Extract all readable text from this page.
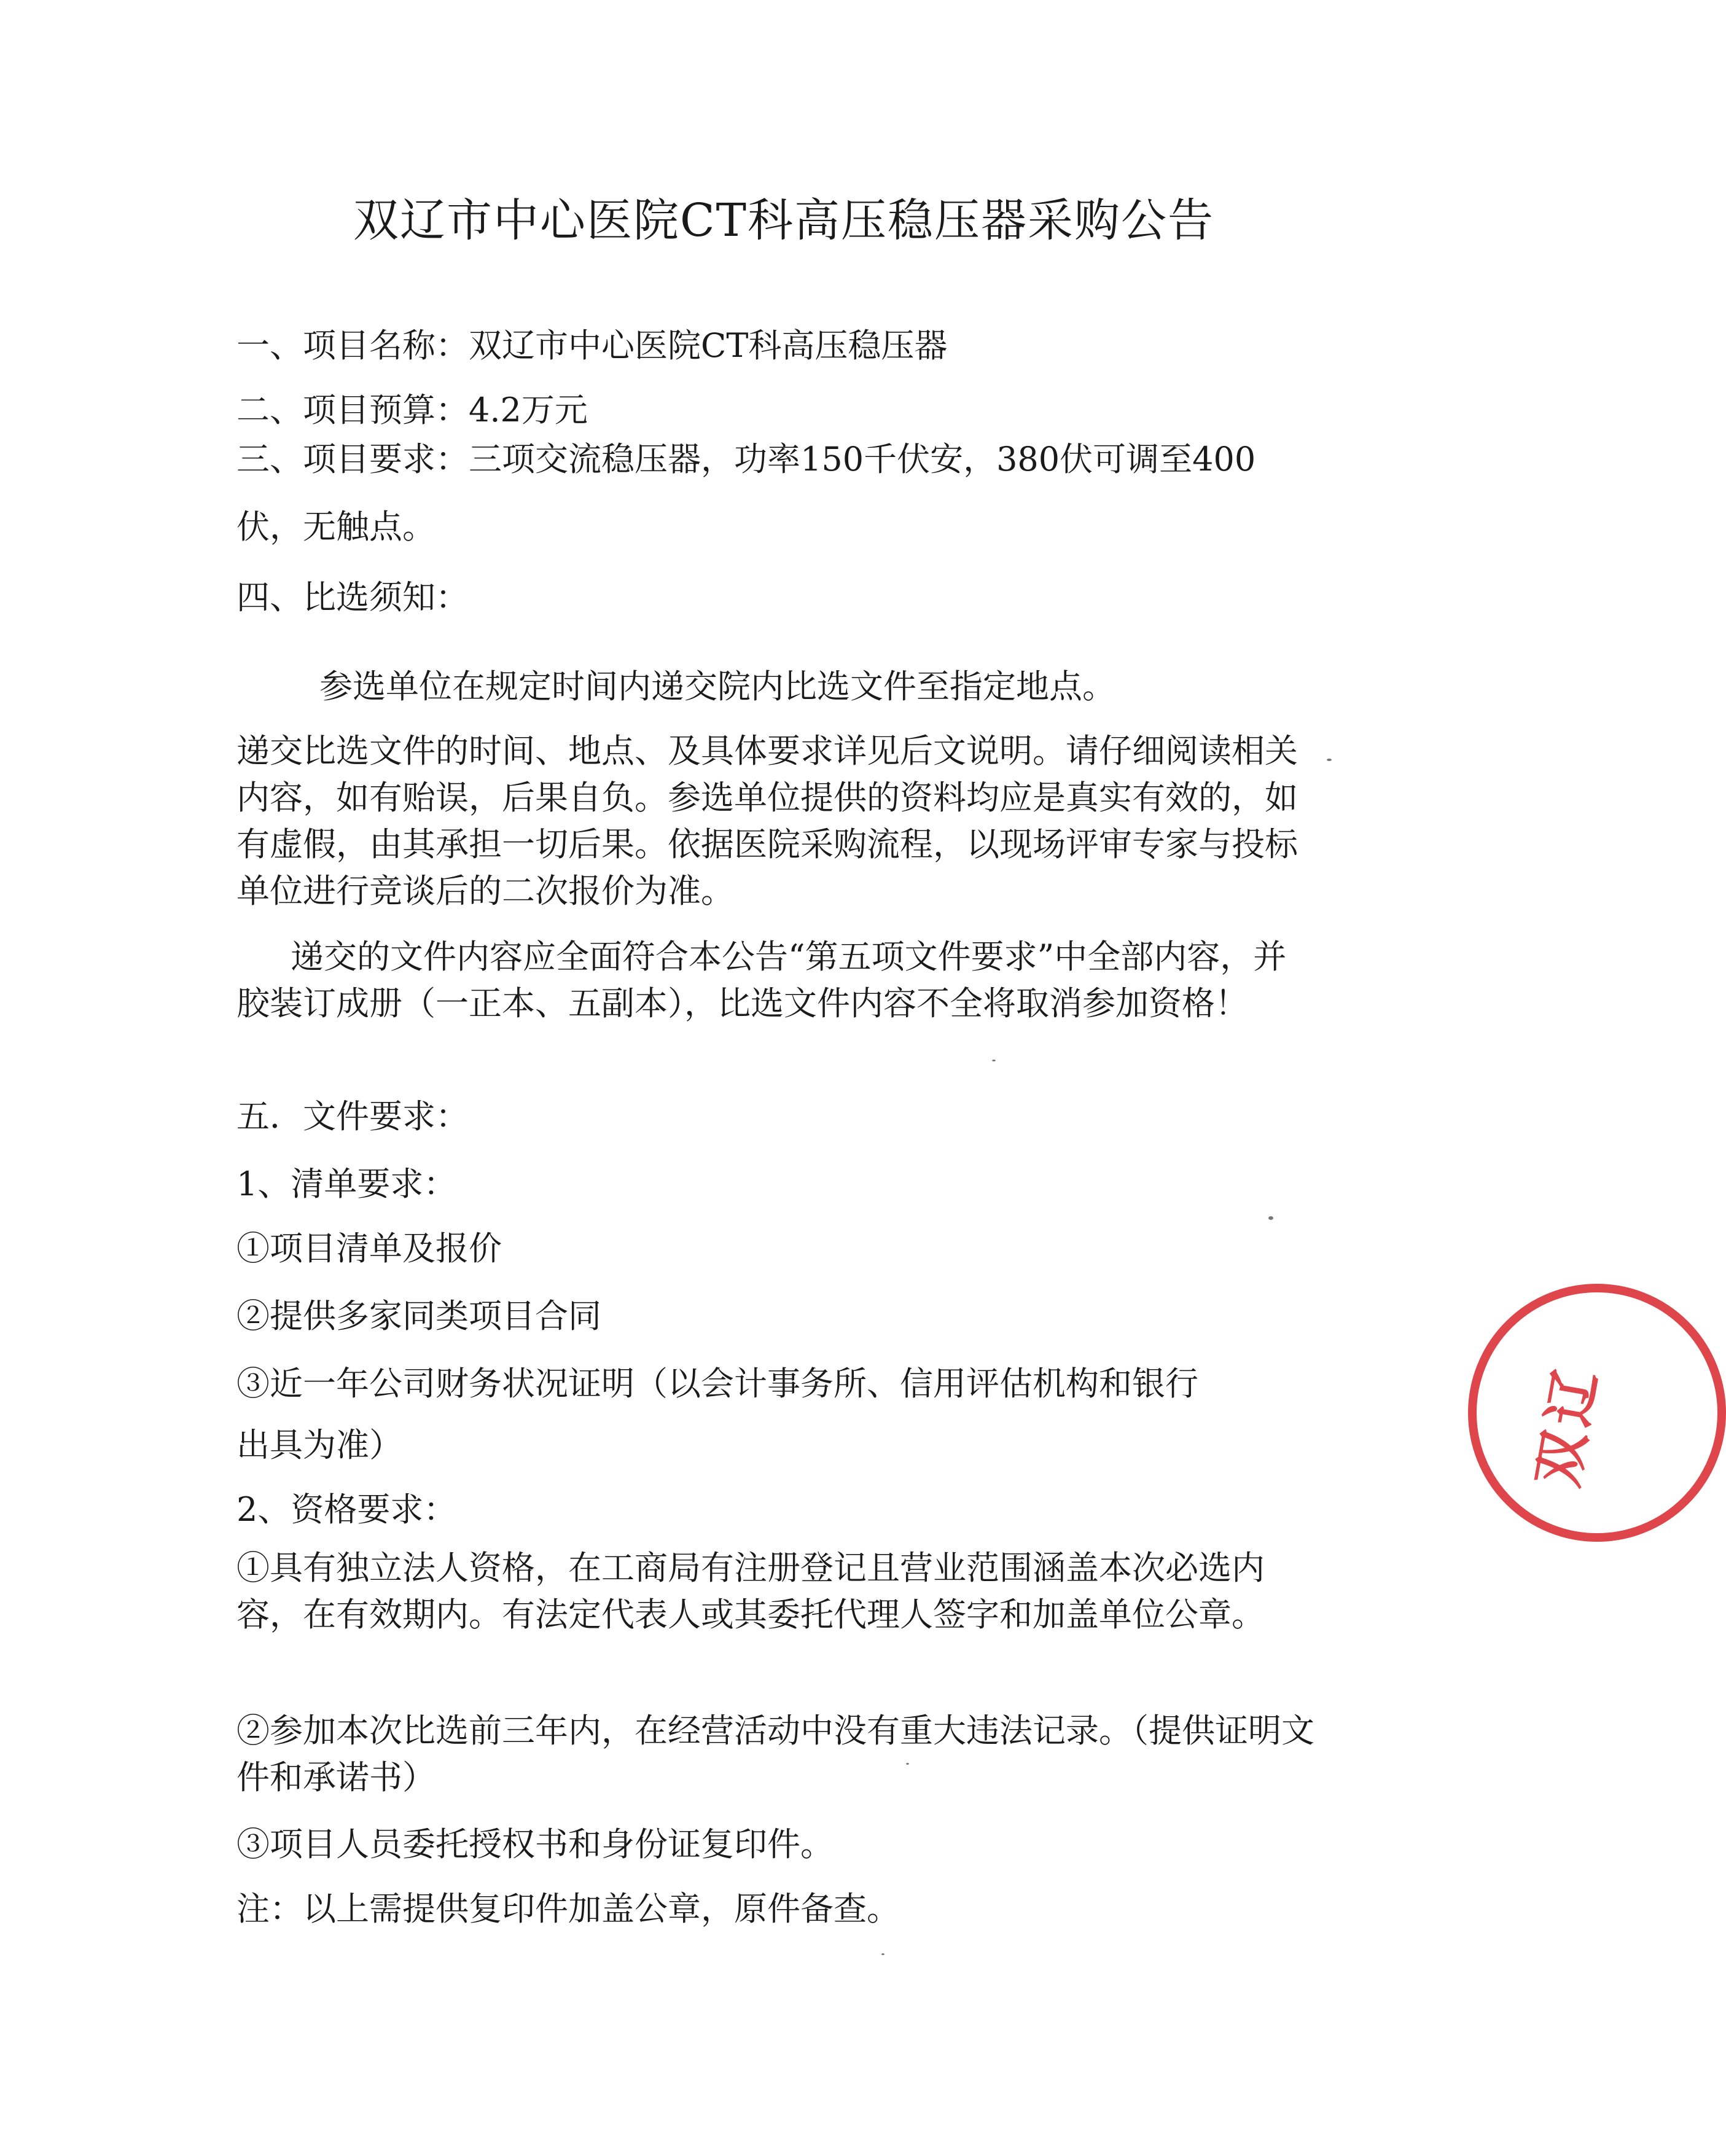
双辽市中心医院CT科高压稳压器采购公告

一、项目名称：双辽市中心医院CT科高压稳压器

二、项目预算：4.2万元

三、项目要求：三项交流稳压器，功率150千伏安，380伏可调至400

伏，无触点。

四、比选须知：

参选单位在规定时间内递交院内比选文件至指定地点。

递交比选文件的时间、地点、及具体要求详见后文说明。请仔细阅读相关内容，如有贻误，后果自负。参选单位提供的资料均应是真实有效的，如有虚假，由其承担一切后果。依据医院采购流程，以现场评审专家与投标单位进行竞谈后的二次报价为准。

递交的文件内容应全面符合本公告“第五项文件要求”中全部内容，并胶装订成册（一正本、五副本），比选文件内容不全将取消参加资格！

五．文件要求：

1、清单要求：

①项目清单及报价

②提供多家同类项目合同

③近一年公司财务状况证明（以会计事务所、信用评估机构和银行

出具为准）

2、资格要求：

①具有独立法人资格，在工商局有注册登记且营业范围涵盖本次必选内容，在有效期内。有法定代表人或其委托代理人签字和加盖单位公章。

②参加本次比选前三年内，在经营活动中没有重大违法记录。（提供证明文件和承诺书）

③项目人员委托授权书和身份证复印件。

注：以上需提供复印件加盖公章，原件备查。

双辽
